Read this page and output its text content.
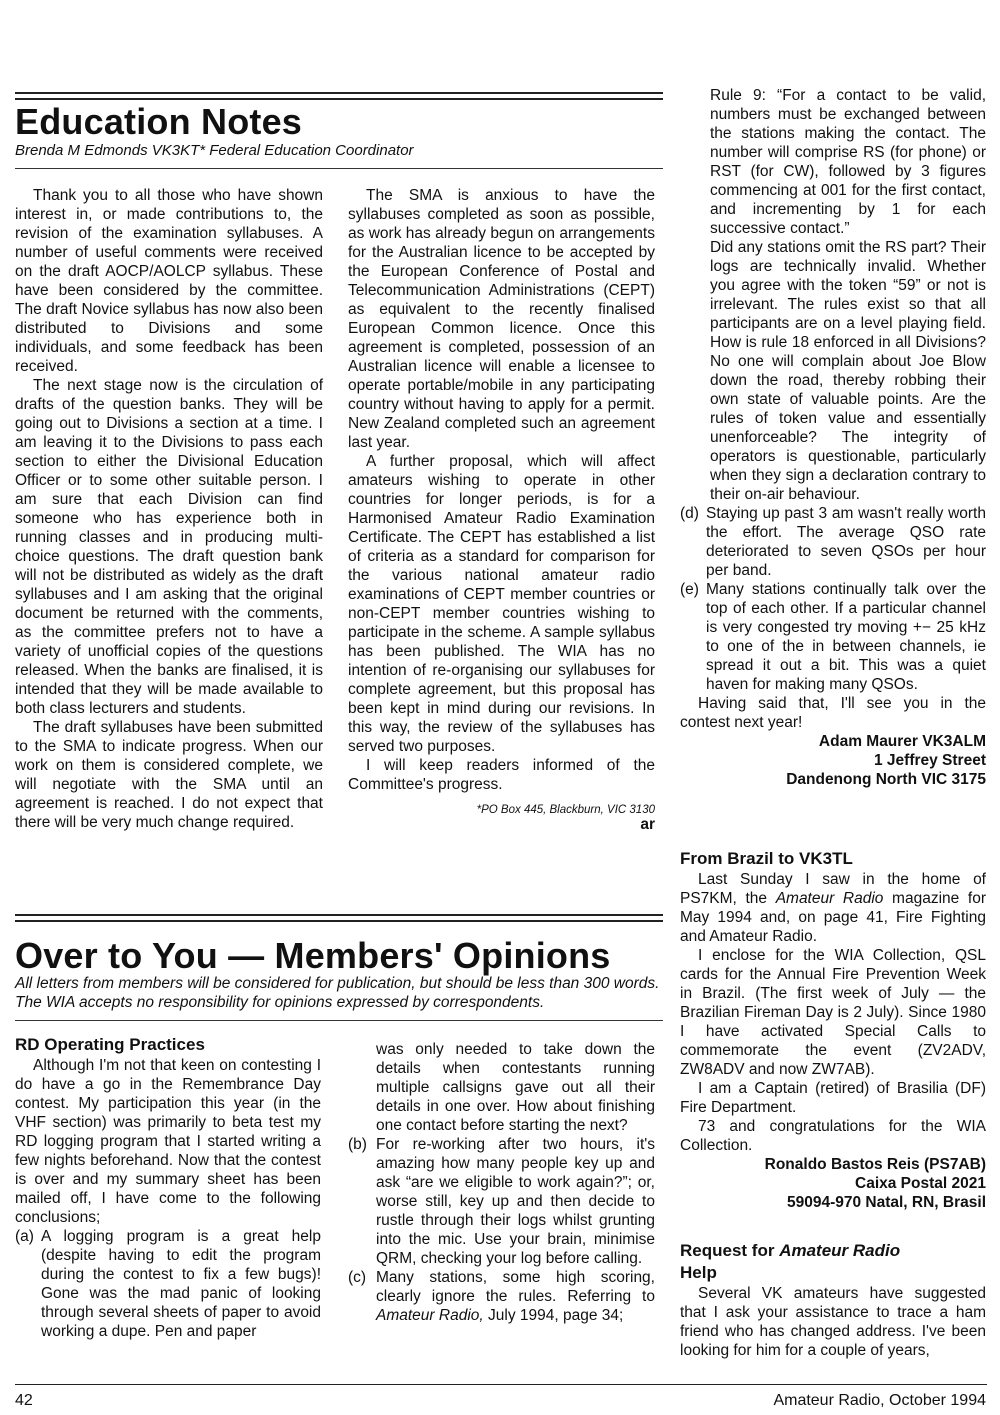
Education Notes
Brenda M Edmonds VK3KT* Federal Education Coordinator

Thank you to all those who have shown interest in, or made contributions to, the revision of the examination syllabuses. A number of useful comments were received on the draft AOCP/AOLCP syllabus. These have been considered by the committee. The draft Novice syllabus has now also been distributed to Divisions and some individuals, and some feedback has been received.

The next stage now is the circulation of drafts of the question banks. They will be going out to Divisions a section at a time. I am leaving it to the Divisions to pass each section to either the Divisional Education Officer or to some other suitable person. I am sure that each Division can find someone who has experience both in running classes and in producing multi-choice questions. The draft question bank will not be distributed as widely as the draft syllabuses and I am asking that the original document be returned with the comments, as the committee prefers not to have a variety of unofficial copies of the questions released. When the banks are finalised, it is intended that they will be made available to both class lecturers and students.

The draft syllabuses have been submitted to the SMA to indicate progress. When our work on them is considered complete, we will negotiate with the SMA until an agreement is reached. I do not expect that there will be very much change required.

The SMA is anxious to have the syllabuses completed as soon as possible, as work has already begun on arrangements for the Australian licence to be accepted by the European Conference of Postal and Telecommunication Administrations (CEPT) as equivalent to the recently finalised European Common licence. Once this agreement is completed, possession of an Australian licence will enable a licensee to operate portable/mobile in any participating country without having to apply for a permit. New Zealand completed such an agreement last year.

A further proposal, which will affect amateurs wishing to operate in other countries for longer periods, is for a Harmonised Amateur Radio Examination Certificate. The CEPT has established a list of criteria as a standard for comparison for the various national amateur radio examinations of CEPT member countries or non-CEPT member countries wishing to participate in the scheme. A sample syllabus has been published. The WIA has no intention of re-organising our syllabuses for complete agreement, but this proposal has been kept in mind during our revisions. In this way, the review of the syllabuses has served two purposes.

I will keep readers informed of the Committee's progress.

*PO Box 445, Blackburn, VIC 3130
ar

Rule 9: “For a contact to be valid, numbers must be exchanged between the stations making the contact. The number will comprise RS (for phone) or RST (for CW), followed by 3 figures commencing at 001 for the first contact, and incrementing by 1 for each successive contact.”

Did any stations omit the RS part? Their logs are technically invalid. Whether you agree with the token “59” or not is irrelevant. The rules exist so that all participants are on a level playing field. How is rule 18 enforced in all Divisions? No one will complain about Joe Blow down the road, thereby robbing their own state of valuable points. Are the rules of token value and essentially unenforceable? The integrity of operators is questionable, particularly when they sign a declaration contrary to their on-air behaviour.

(d) Staying up past 3 am wasn't really worth the effort. The average QSO rate deteriorated to seven QSOs per hour per band.
(e) Many stations continually talk over the top of each other. If a particular channel is very congested try moving +− 25 kHz to one of the in between channels, ie spread it out a bit. This was a quiet haven for making many QSOs.

Having said that, I'll see you in the contest next year!

Adam Maurer VK3ALM

1 Jeffrey Street

Dandenong North VIC 3175

From Brazil to VK3TL

Last Sunday I saw in the home of PS7KM, the Amateur Radio magazine for May 1994 and, on page 41, Fire Fighting and Amateur Radio.

I enclose for the WIA Collection, QSL cards for the Annual Fire Prevention Week in Brazil. (The first week of July — the Brazilian Fireman Day is 2 July). Since 1980 I have activated Special Calls to commemorate the event (ZV2ADV, ZW8ADV and now ZW7AB).

I am a Captain (retired) of Brasilia (DF) Fire Department.

73 and congratulations for the WIA Collection.

Ronaldo Bastos Reis (PS7AB)

Caixa Postal 2021

59094-970 Natal, RN, Brasil

Request for Amateur Radio
Help

Several VK amateurs have suggested that I ask your assistance to trace a ham friend who has changed address. I've been looking for him for a couple of years,

Over to You — Members' Opinions
All letters from members will be considered for publication, but should be less than 300 words. The WIA accepts no responsibility for opinions expressed by correspondents.
RD Operating Practices

Although I'm not that keen on contesting I do have a go in the Remembrance Day contest. My participation this year (in the VHF section) was primarily to beta test my RD logging program that I started writing a few nights beforehand. Now that the contest is over and my summary sheet has been mailed off, I have come to the following conclusions;

(a) A logging program is a great help (despite having to edit the program during the contest to fix a few bugs)! Gone was the mad panic of looking through several sheets of paper to avoid working a dupe. Pen and paper

was only needed to take down the details when contestants running multiple callsigns gave out all their details in one over. How about finishing one contact before starting the next?

(b) For re-working after two hours, it's amazing how many people key up and ask “are we eligible to work again?”; or, worse still, key up and then decide to rustle through their logs whilst grunting into the mic. Use your brain, minimise QRM, checking your log before calling.
(c) Many stations, some high scoring, clearly ignore the rules. Referring to Amateur Radio, July 1994, page 34;
42	Amateur Radio, October 1994
